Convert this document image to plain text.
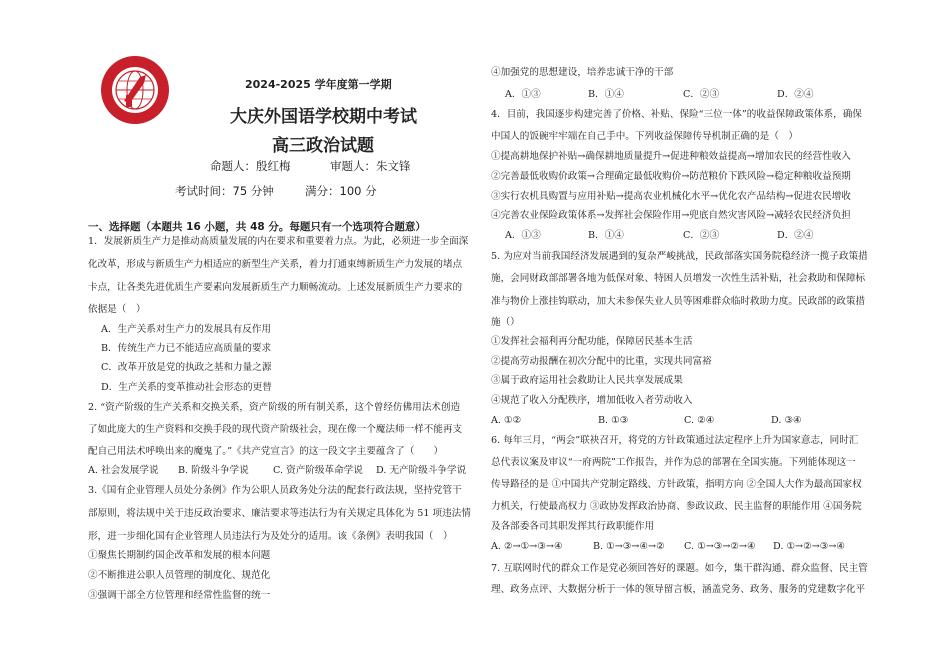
2024-2025 学年度第一学期
大庆外国语学校期中考试
高三政治试题
命题人：殷红梅	审题人：朱文锋
考试时间：75 分钟	满分：100 分
一、选择题（本题共 16 小题，共 48 分。每题只有一个选项符合题意）
1．发展新质生产力是推动高质量发展的内在要求和重要着力点。为此，必须进一步全面深
化改革，形成与新质生产力相适应的新型生产关系，着力打通束缚新质生产力发展的堵点
卡点，让各类先进优质生产要素向发展新质生产力顺畅流动。上述发展新质生产力要求的
依据是（　）
A．生产关系对生产力的发展具有反作用
B．传统生产力已不能适应高质量的要求
C．改革开放是党的执政之基和力量之源
D．生产关系的变革推动社会形态的更替
2. “资产阶级的生产关系和交换关系，资产阶级的所有制关系，这个曾经仿佛用法术创造
了如此庞大的生产资料和交换手段的现代资产阶级社会，现在像一个魔法师一样不能再支
配自己用法术呼唤出来的魔鬼了。”《共产党宣言》的这一段文字主要蕴含了（　　）
A. 社会发展学说 B. 阶级斗争学说	C. 资产阶级革命学说 D. 无产阶级斗争学说
3.《国有企业管理人员处分条例》作为公职人员政务处分法的配套行政法规，坚持党管干
部原则，将法规中关于违反政治要求、廉洁要求等违法行为有关规定具体化为 51 项违法情
形，进一步细化国有企业管理人员违法行为及处分的适用。该《条例》表明我国（　）
①聚焦长期制约国企改革和发展的根本问题
②不断推进公职人员管理的制度化、规范化
③强调干部全方位管理和经常性监督的统一
④加强党的思想建设，培养忠诚干净的干部
A．①③	B．①④	C．②③	D．②④
4．目前，我国逐步构建完善了价格、补贴、保险“三位一体”的收益保障政策体系，确保
中国人的饭碗牢牢端在自己手中。下列收益保障传导机制正确的是（　）
①提高耕地保护补贴→确保耕地质量提升→促进种粮效益提高→增加农民的经营性收入
②完善最低收购价政策→合理确定最低收购价→防范粮价下跌风险→稳定种粮收益预期
③实行农机具购置与应用补贴→提高农业机械化水平→优化农产品结构→促进农民增收
④完善农业保险政策体系→发挥社会保险作用→兜底自然灾害风险→减轻农民经济负担
A．①③	B．①④	C．②③	D．②④
5. 为应对当前我国经济发展遇到的复杂严峻挑战，民政部落实国务院稳经济一揽子政策措
施，会同财政部部署各地为低保对象、特困人员增发一次性生活补贴，社会救助和保障标
准与物价上涨挂钩联动，加大未参保失业人员等困难群众临时救助力度。民政部的政策措
施（）
①发挥社会福利再分配功能，保障居民基本生活
②提高劳动报酬在初次分配中的比重，实现共同富裕
③属于政府运用社会救助让人民共享发展成果
④规范了收入分配秩序，增加低收入者劳动收入
A. ①②	B. ①③	C. ②④	D. ③④
6. 每年三月，“两会”联袂召开，将党的方针政策通过法定程序上升为国家意志，同时汇
总代表议案及审议“一府两院”工作报告，并作为总的部署在全国实施。下列能体现这一
传导路径的是 ①中国共产党制定路线、方针政策，指明方向 ②全国人大作为最高国家权
力机关，行使最高权力 ③政协发挥政治协商、参政议政、民主监督的职能作用 ④国务院
及各部委各司其职发挥其行政职能作用
A. ②→①→③→④	B. ①→③→④→② C. ①→③→②→④ D. ①→②→③→④
7. 互联网时代的群众工作是党必须回答好的课题。如今，集干群沟通、群众监督、民主管
理、政务点评、大数据分析于一体的领导留言板，涵盖党务、政务、服务的党建数字化平
